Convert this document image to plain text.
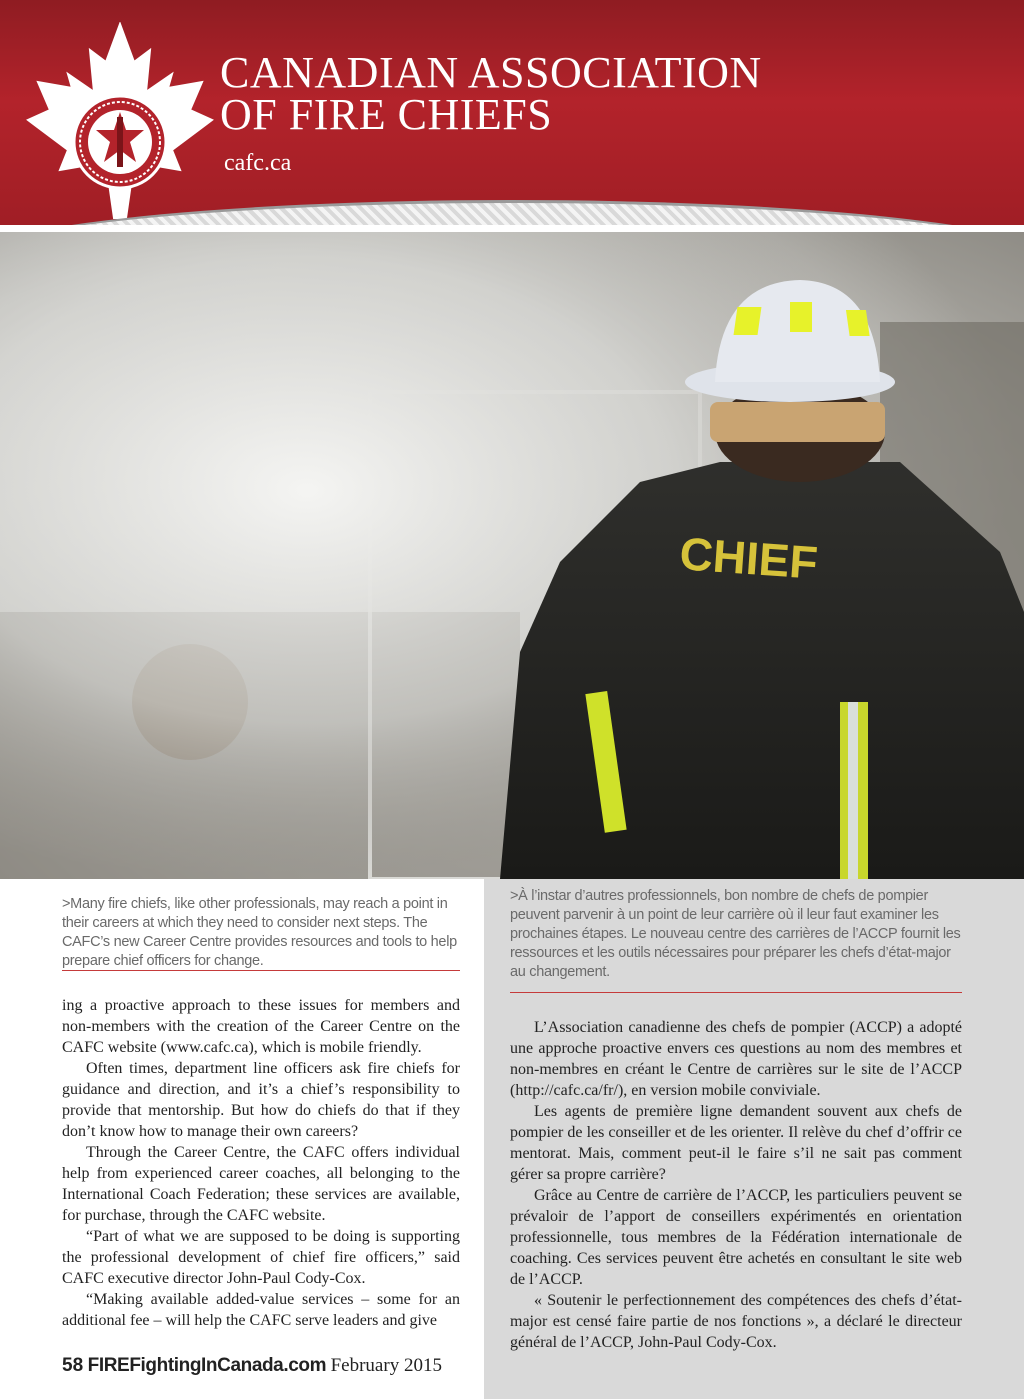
CANADIAN ASSOCIATION
OF FIRE CHIEFS
cafc.ca
CHIEF
>Many fire chiefs, like other professionals, may reach a point in their careers at which they need to consider next steps. The CAFC’s new Career Centre provides resources and tools to help prepare chief officers for change.
>À l’instar d’autres professionnels, bon nombre de chefs de pompier peuvent parvenir à un point de leur carrière où il leur faut examiner les prochaines étapes. Le nouveau centre des carrières de l’ACCP fournit les ressources et les outils nécessaires pour préparer les chefs d’état-major au changement.

ing a proactive approach to these issues for members and non-members with the creation of the Career Centre on the CAFC website (www.cafc.ca), which is mobile friendly.

Often times, department line officers ask fire chiefs for guidance and direction, and it’s a chief’s responsibility to provide that mentorship. But how do chiefs do that if they don’t know how to manage their own careers?

Through the Career Centre, the CAFC offers individual help from experienced career coaches, all belonging to the International Coach Federation; these services are available, for purchase, through the CAFC website.

“Part of what we are supposed to be doing is supporting the professional development of chief fire officers,” said CAFC executive director John-Paul Cody-Cox.

“Making available added-value services – some for an additional fee – will help the CAFC serve leaders and give

L’Association canadienne des chefs de pompier (ACCP) a adopté une approche proactive envers ces questions au nom des membres et non-membres en créant le Centre de carrières sur le site de l’ACCP (http://cafc.ca/fr/), en version mobile conviviale.

Les agents de première ligne demandent souvent aux chefs de pompier de les conseiller et de les orienter. Il relève du chef d’offrir ce mentorat. Mais, comment peut-il le faire s’il ne sait pas comment gérer sa propre carrière?

Grâce au Centre de carrière de l’ACCP, les particuliers peuvent se prévaloir de l’apport de conseillers expérimentés en orientation professionnelle, tous membres de la Fédération internationale de coaching. Ces services peuvent être achetés en consultant le site web de l’ACCP.

« Soutenir le perfectionnement des compétences des chefs d’état-major est censé faire partie de nos fonctions », a déclaré le directeur général de l’ACCP, John-Paul Cody-Cox.

58 FIREFightingInCanada.com February 2015
